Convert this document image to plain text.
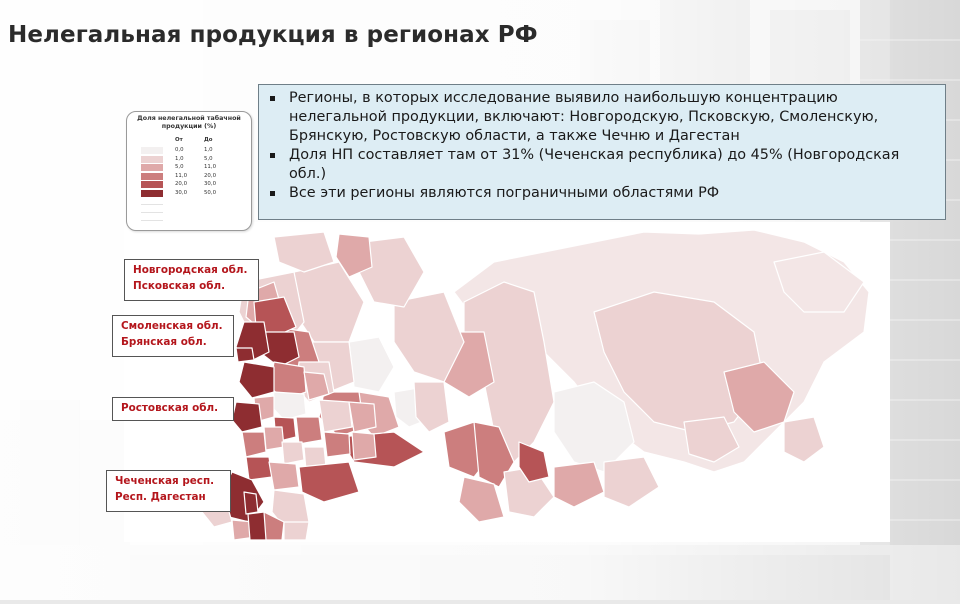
Нелегальная продукция в регионах РФ
Доля нелегальной табачной продукции (%)
От	До
0,0	1,0
1,0	5,0
5,0	11,0
11,0	20,0
20,0	30,0
30,0	50,0
Регионы, в которых исследование выявило наибольшую концентрацию нелегальной продукции, включают: Новгородскую, Псковскую, Смоленскую, Брянскую, Ростовскую области, а также Чечню и Дагестан
Доля НП составляет там от 31% (Чеченская республика) до 45% (Новгородская обл.)
Все эти регионы являются пограничными областями РФ
Новгородская обл.
Псковская обл.
Смоленская обл.
Брянская обл.
Ростовская обл.
Чеченская респ.
Респ. Дагестан
